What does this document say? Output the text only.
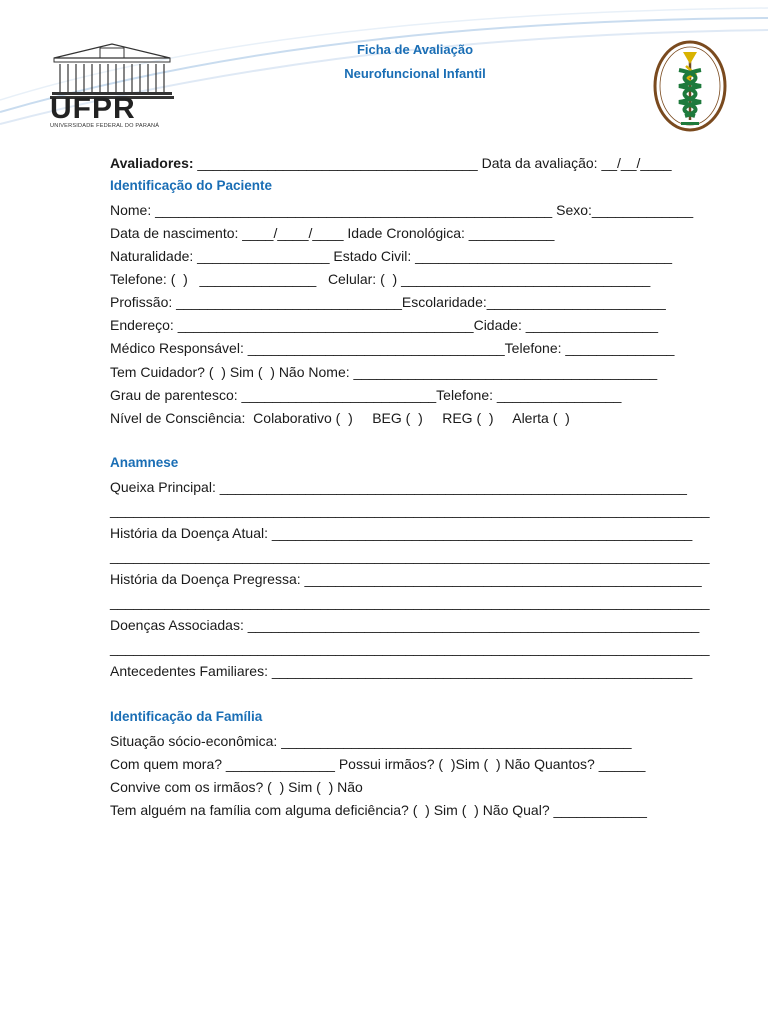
UFPR
UNIVERSIDADE FEDERAL DO PARANÁ
Ficha de Avaliação
Neurofuncional Infantil
Avaliadores: ____________________________________ Data da avaliação: __/__/____
Identificação do Paciente
Nome: ___________________________________________________ Sexo:_____________
Data de nascimento: ____/____/____ Idade Cronológica: ___________
Naturalidade: _________________ Estado Civil: _________________________________
Telefone: (  )   _______________   Celular: (  ) ________________________________
Profissão: _____________________________Escolaridade:_______________________
Endereço: ______________________________________Cidade: _________________
Médico Responsável: _________________________________Telefone: ______________
Tem Cuidador? (  ) Sim (  ) Não Nome: _______________________________________
Grau de parentesco: _________________________Telefone: ________________
Nível de Consciência:  Colaborativo (  )     BEG (  )     REG (  )     Alerta (  )
Anamnese
Queixa Principal: ____________________________________________________________
_____________________________________________________________________________
História da Doença Atual: ______________________________________________________
_____________________________________________________________________________
História da Doença Pregressa: ___________________________________________________
_____________________________________________________________________________
Doenças Associadas: __________________________________________________________
_____________________________________________________________________________
Antecedentes Familiares: ______________________________________________________
Identificação da Família
Situação sócio-econômica: _____________________________________________
Com quem mora? ______________ Possui irmãos? (  )Sim (  ) Não Quantos? ______
Convive com os irmãos? (  ) Sim (  ) Não
Tem alguém na família com alguma deficiência? (  ) Sim (  ) Não Qual? ____________
